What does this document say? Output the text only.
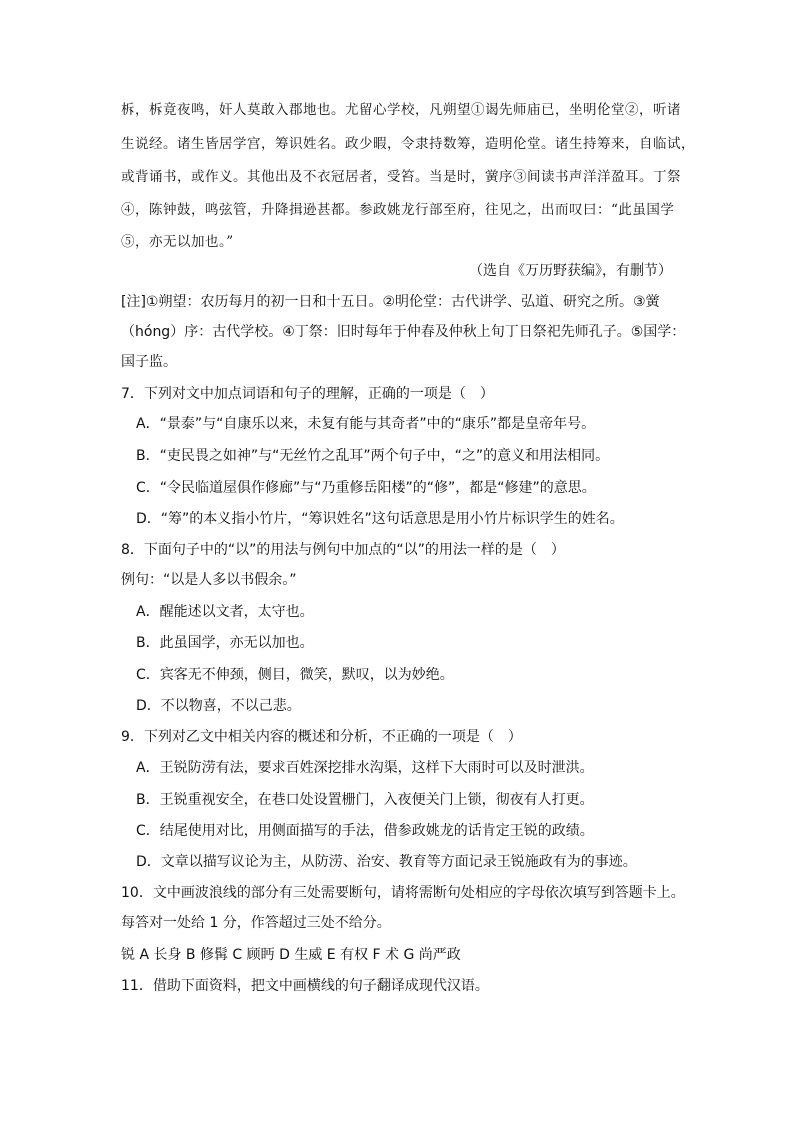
柝，柝竟夜鸣，奸人莫敢入郡地也。尤留心学校，凡朔望①谒先师庙已，坐明伦堂②，听诸
生说经。诸生皆居学宫，筹识姓名。政少暇，令隶持数筹，造明伦堂。诸生持筹来，自临试，
或背诵书，或作义。其他出及不衣冠居者，受笞。当是时，黉序③间读书声洋洋盈耳。丁祭
④，陈钟鼓，鸣弦管，升降揖逊甚都。参政姚龙行部至府，往见之，出而叹曰：“此虽国学
⑤，亦无以加也。”
（选自《万历野获编》，有删节）
[注]①朔望：农历每月的初一日和十五日。②明伦堂：古代讲学、弘道、研究之所。③黉
（hóng）序：古代学校。④丁祭：旧时每年于仲春及仲秋上旬丁日祭祀先师孔子。⑤国学：
国子监。
7．下列对文中加点词语和句子的理解，正确的一项是（　）
A．“景泰”与“自康乐以来，未复有能与其奇者”中的“康乐”都是皇帝年号。
B．“吏民畏之如神”与“无丝竹之乱耳”两个句子中，“之”的意义和用法相同。
C．“令民临道屋俱作修廊”与“乃重修岳阳楼”的“修”，都是“修建”的意思。
D．“筹”的本义指小竹片，“筹识姓名”这句话意思是用小竹片标识学生的姓名。
8．下面句子中的“以”的用法与例句中加点的“以”的用法一样的是（　）
例句：“以是人多以书假余。”
A．醒能述以文者，太守也。
B．此虽国学，亦无以加也。
C．宾客无不伸颈，侧目，微笑，默叹，以为妙绝。
D．不以物喜，不以己悲。
9．下列对乙文中相关内容的概述和分析，不正确的一项是（　）
A．王锐防涝有法，要求百姓深挖排水沟渠，这样下大雨时可以及时泄洪。
B．王锐重视安全，在巷口处设置栅门，入夜便关门上锁，彻夜有人打更。
C．结尾使用对比，用侧面描写的手法，借参政姚龙的话肯定王锐的政绩。
D．文章以描写议论为主，从防涝、治安、教育等方面记录王锐施政有为的事迹。
10．文中画波浪线的部分有三处需要断句，请将需断句处相应的字母依次填写到答题卡上。
每答对一处给 1 分，作答超过三处不给分。
锐 A 长身 B 修髯 C 顾眄 D 生威 E 有权 F 术 G 尚严政
11．借助下面资料，把文中画横线的句子翻译成现代汉语。
